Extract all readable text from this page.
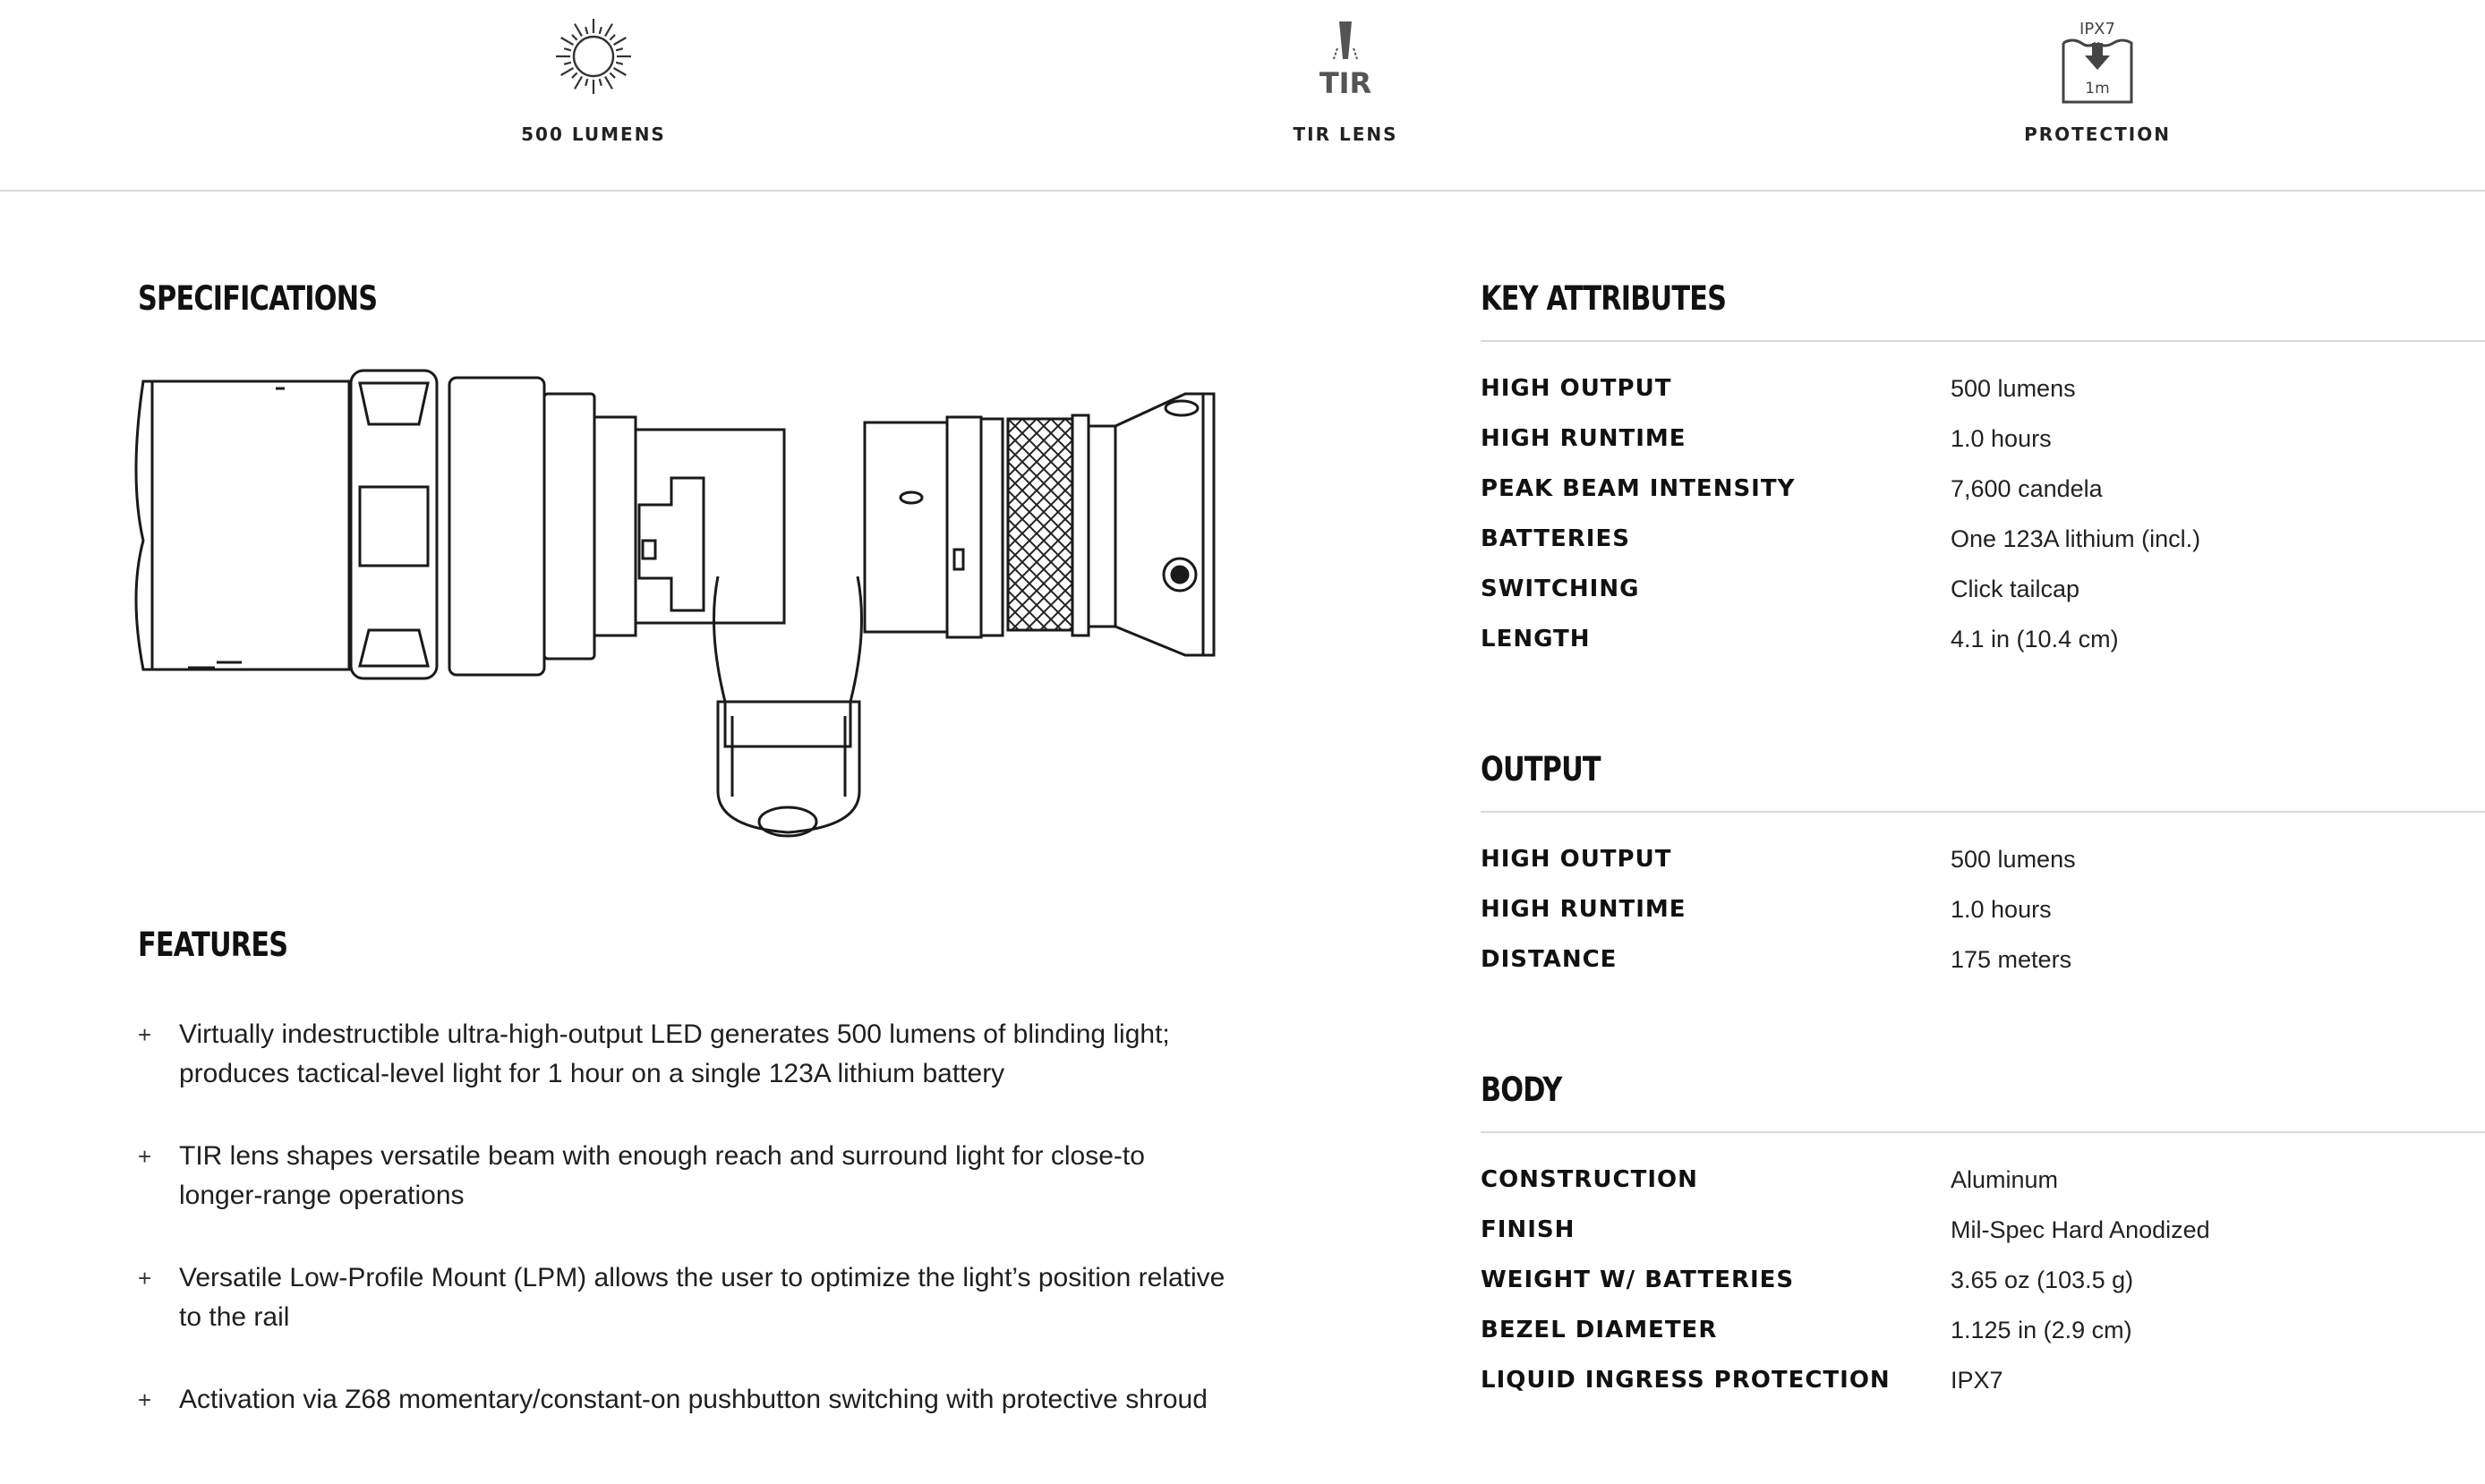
500 LUMENS
TIR
TIR LENS
IPX7
1m
PROTECTION
SPECIFICATIONS
FEATURES
+ Virtually indestructible ultra-high-output LED generates 500 lumens of blinding light; produces tactical-level light for 1 hour on a single 123A lithium battery
+ TIR lens shapes versatile beam with enough reach and surround light for close-to longer-range operations
+ Versatile Low-Profile Mount (LPM) allows the user to optimize the light’s position relative to the rail
+ Activation via Z68 momentary/constant-on pushbutton switching with protective shroud
KEY ATTRIBUTES
HIGH OUTPUT	500 lumens
HIGH RUNTIME	1.0 hours
PEAK BEAM INTENSITY	7,600 candela
BATTERIES	One 123A lithium (incl.)
SWITCHING	Click tailcap
LENGTH	4.1 in (10.4 cm)
OUTPUT
HIGH OUTPUT	500 lumens
HIGH RUNTIME	1.0 hours
DISTANCE	175 meters
BODY
CONSTRUCTION	Aluminum
FINISH	Mil-Spec Hard Anodized
WEIGHT W/ BATTERIES	3.65 oz (103.5 g)
BEZEL DIAMETER	1.125 in (2.9 cm)
LIQUID INGRESS PROTECTION IPX7
